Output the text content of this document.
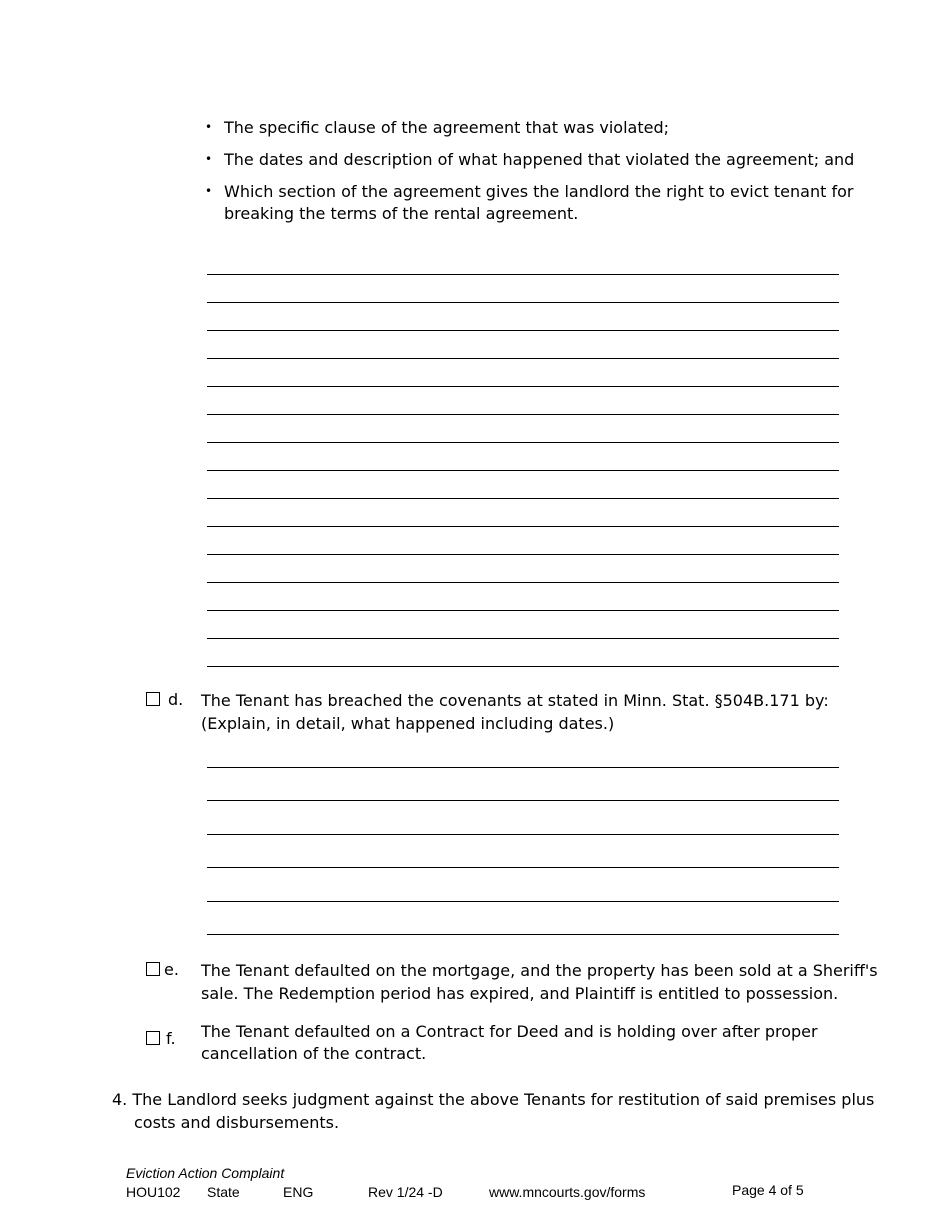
• The specific clause of the agreement that was violated;
• The dates and description of what happened that violated the agreement; and
• Which section of the agreement gives the landlord the right to evict tenant for
breaking the terms of the rental agreement.
d. The Tenant has breached the covenants at stated in Minn. Stat. §504B.171 by:
(Explain, in detail, what happened including dates.)
e. The Tenant defaulted on the mortgage, and the property has been sold at a Sheriff's
sale. The Redemption period has expired, and Plaintiff is entitled to possession.
f. The Tenant defaulted on a Contract for Deed and is holding over after proper
cancellation of the contract.
4. The Landlord seeks judgment against the above Tenants for restitution of said premises plus
costs and disbursements.
Eviction Action Complaint
HOU102 State	ENG	Rev 1/24 -D	www.mncourts.gov/forms	Page 4 of 5
